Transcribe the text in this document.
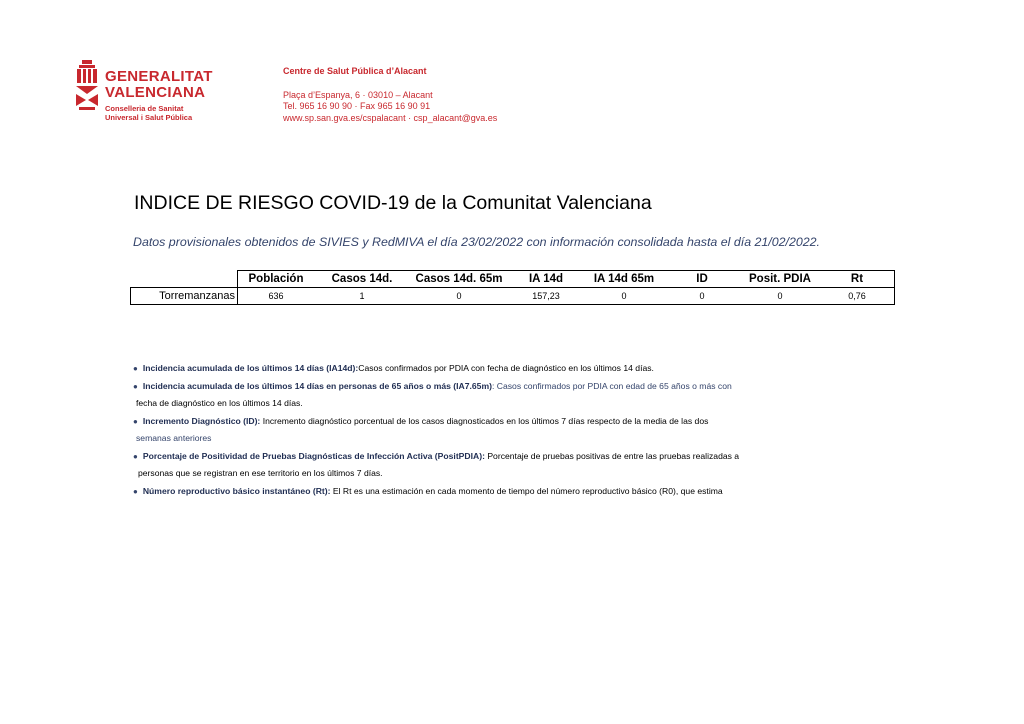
GENERALITAT
VALENCIANA
Conselleria de Sanitat
Universal i Salut Pública
Centre de Salut Pública d’Alacant
Plaça d’Espanya, 6 · 03010 – Alacant
Tel. 965 16 90 90 · Fax 965 16 90 91
www.sp.san.gva.es/cspalacant · csp_alacant@gva.es
INDICE DE RIESGO COVID-19 de la Comunitat Valenciana
Datos provisionales obtenidos de SIVIES y RedMIVA el día 23/02/2022 con información consolidada hasta el día 21/02/2022.
	Población	Casos 14d.	Casos 14d. 65m	IA 14d	IA 14d 65m	ID	Posit. PDIA	Rt
Torremanzanas	636	1	0	157,23	0	0	0	0,76
● Incidencia acumulada de los últimos 14 días (IA14d):Casos confirmados por PDIA con fecha de diagnóstico en los últimos 14 días.
● Incidencia acumulada de los últimos 14 días en personas de 65 años o más (IA7.65m): Casos confirmados por PDIA con edad de 65 años o más con
fecha de diagnóstico en los últimos 14 días.
● Incremento Diagnóstico (ID): Incremento diagnóstico porcentual de los casos diagnosticados en los últimos 7 días respecto de la media de las dos
semanas anteriores
● Porcentaje de Positividad de Pruebas Diagnósticas de Infección Activa (PositPDIA): Porcentaje de pruebas positivas de entre las pruebas realizadas a
personas que se registran en ese territorio en los últimos 7 días.
● Número reproductivo básico instantáneo (Rt): El Rt es una estimación en cada momento de tiempo del número reproductivo básico (R0), que estima
